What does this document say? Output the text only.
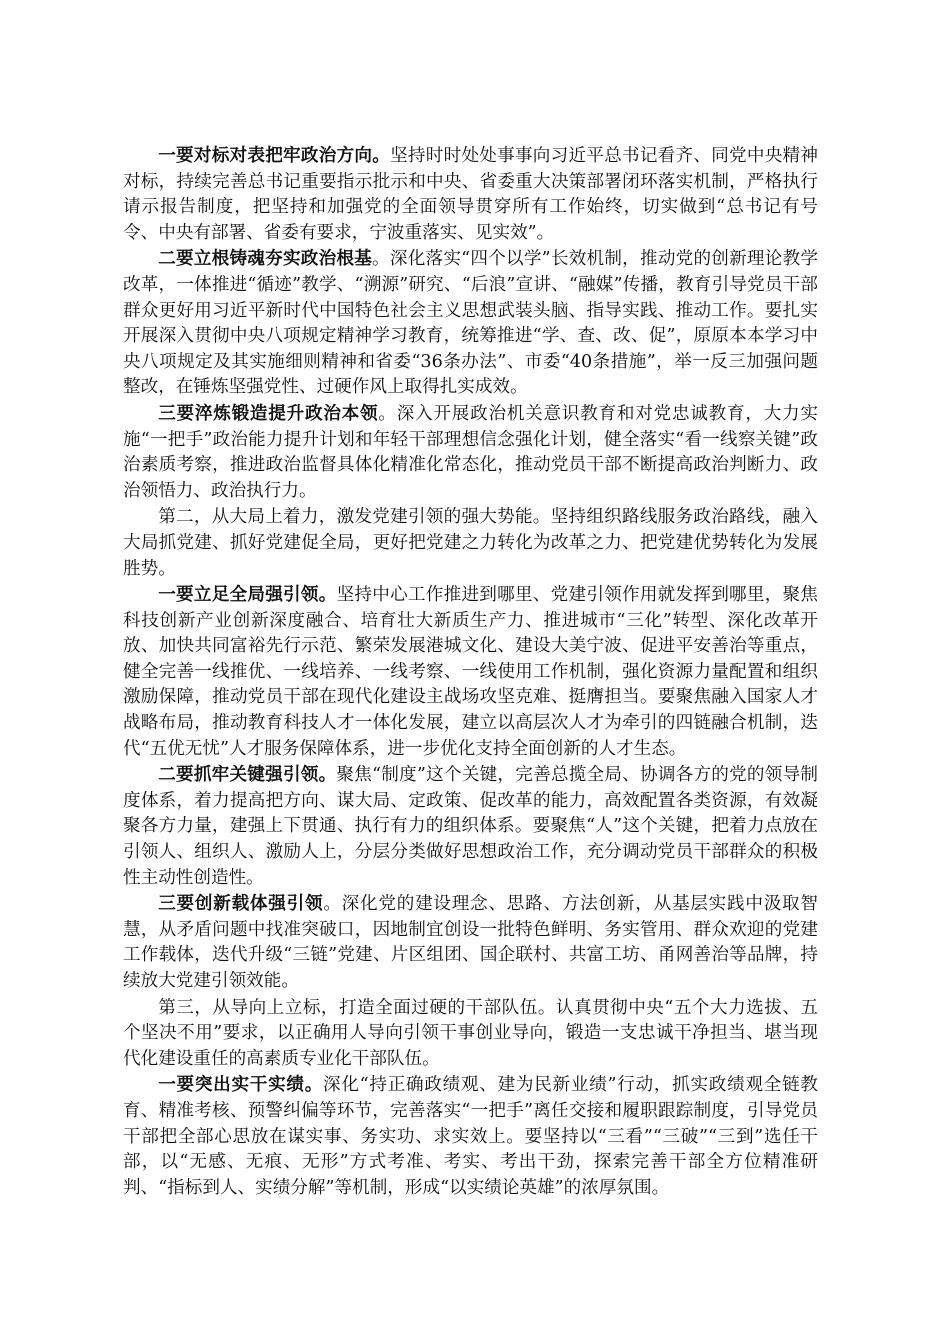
一要对标对表把牢政治方向。坚持时时处处事事向习近平总书记看齐、同党中央精神对标，持续完善总书记重要指示批示和中央、省委重大决策部署闭环落实机制，严格执行请示报告制度，把坚持和加强党的全面领导贯穿所有工作始终，切实做到“总书记有号令、中央有部署、省委有要求，宁波重落实、见实效”。

二要立根铸魂夯实政治根基。深化落实“四个以学”长效机制，推动党的创新理论教学改革，一体推进“循迹”教学、“溯源”研究、“后浪”宣讲、“融媒”传播，教育引导党员干部群众更好用习近平新时代中国特色社会主义思想武装头脑、指导实践、推动工作。要扎实开展深入贯彻中央八项规定精神学习教育，统筹推进“学、查、改、促”，原原本本学习中央八项规定及其实施细则精神和省委“36条办法”、市委“40条措施”，举一反三加强问题整改，在锤炼坚强党性、过硬作风上取得扎实成效。

三要淬炼锻造提升政治本领。深入开展政治机关意识教育和对党忠诚教育，大力实施“一把手”政治能力提升计划和年轻干部理想信念强化计划，健全落实“看一线察关键”政治素质考察，推进政治监督具体化精准化常态化，推动党员干部不断提高政治判断力、政治领悟力、政治执行力。

第二，从大局上着力，激发党建引领的强大势能。坚持组织路线服务政治路线，融入大局抓党建、抓好党建促全局，更好把党建之力转化为改革之力、把党建优势转化为发展胜势。

一要立足全局强引领。坚持中心工作推进到哪里、党建引领作用就发挥到哪里，聚焦科技创新产业创新深度融合、培育壮大新质生产力、推进城市“三化”转型、深化改革开放、加快共同富裕先行示范、繁荣发展港城文化、建设大美宁波、促进平安善治等重点，健全完善一线推优、一线培养、一线考察、一线使用工作机制，强化资源力量配置和组织激励保障，推动党员干部在现代化建设主战场攻坚克难、挺膺担当。要聚焦融入国家人才战略布局，推动教育科技人才一体化发展，建立以高层次人才为牵引的四链融合机制，迭代“五优无忧”人才服务保障体系，进一步优化支持全面创新的人才生态。

二要抓牢关键强引领。聚焦“制度”这个关键，完善总揽全局、协调各方的党的领导制度体系，着力提高把方向、谋大局、定政策、促改革的能力，高效配置各类资源，有效凝聚各方力量，建强上下贯通、执行有力的组织体系。要聚焦“人”这个关键，把着力点放在引领人、组织人、激励人上，分层分类做好思想政治工作，充分调动党员干部群众的积极性主动性创造性。

三要创新载体强引领。深化党的建设理念、思路、方法创新，从基层实践中汲取智慧，从矛盾问题中找准突破口，因地制宜创设一批特色鲜明、务实管用、群众欢迎的党建工作载体，迭代升级“三链”党建、片区组团、国企联村、共富工坊、甬网善治等品牌，持续放大党建引领效能。

第三，从导向上立标，打造全面过硬的干部队伍。认真贯彻中央“五个大力选拔、五个坚决不用”要求，以正确用人导向引领干事创业导向，锻造一支忠诚干净担当、堪当现代化建设重任的高素质专业化干部队伍。

一要突出实干实绩。深化“持正确政绩观、建为民新业绩”行动，抓实政绩观全链教育、精准考核、预警纠偏等环节，完善落实“一把手”离任交接和履职跟踪制度，引导党员干部把全部心思放在谋实事、务实功、求实效上。要坚持以“三看”“三破”“三到”选任干部，以“无感、无痕、无形”方式考准、考实、考出干劲，探索完善干部全方位精准研判、“指标到人、实绩分解”等机制，形成“以实绩论英雄”的浓厚氛围。
